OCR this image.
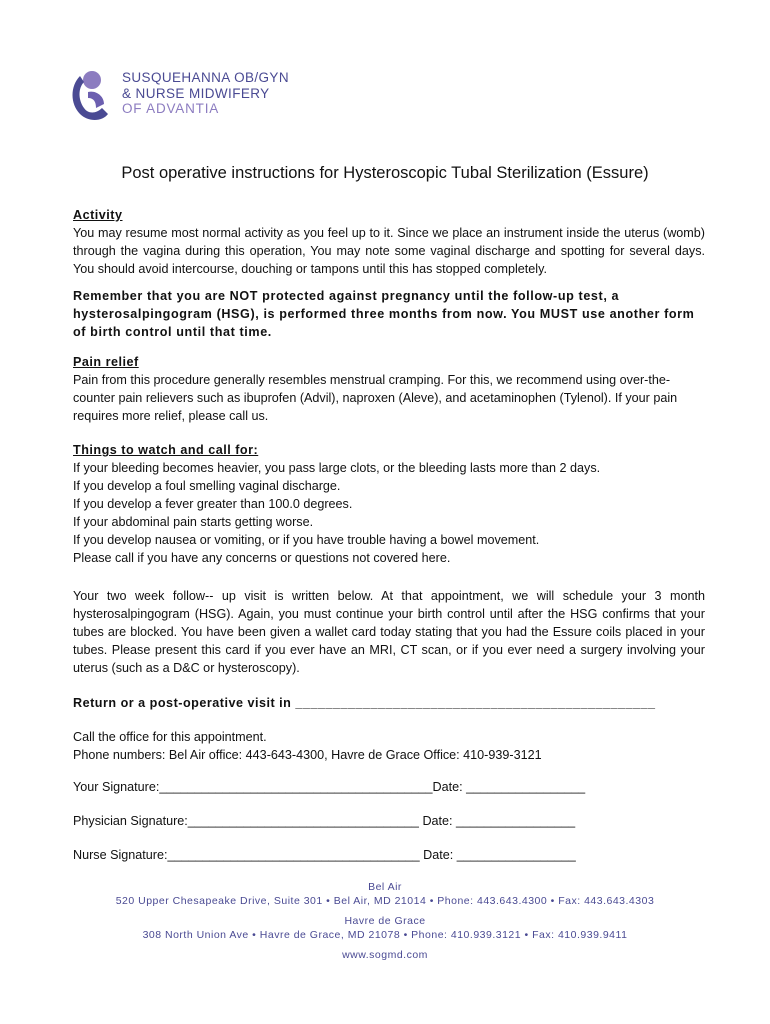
SUSQUEHANNA OB/GYN
& NURSE MIDWIFERY
OF ADVANTIA
Post operative instructions for Hysteroscopic Tubal Sterilization (Essure)

Activity

You may resume most normal activity as you feel up to it. Since we place an instrument inside the uterus (womb) through the vagina during this operation, You may note some vaginal discharge and spotting for several days. You should avoid intercourse, douching or tampons until this has stopped completely.

Remember that you are NOT protected against pregnancy until the follow-up test, a hysterosalpingogram (HSG), is performed three months from now. You MUST use another form of birth control until that time.

Pain relief

Pain from this procedure generally resembles menstrual cramping. For this, we recommend using over-the-counter pain relievers such as ibuprofen (Advil), naproxen (Aleve), and acetaminophen (Tylenol). If your pain requires more relief, please call us.

Things to watch and call for:

If your bleeding becomes heavier, you pass large clots, or the bleeding lasts more than 2 days.

If you develop a foul smelling vaginal discharge.

If you develop a fever greater than 100.0 degrees.

If your abdominal pain starts getting worse.

If you develop nausea or vomiting, or if you have trouble having a bowel movement.

Please call if you have any concerns or questions not covered here.

Your two week follow-- up visit is written below. At that appointment, we will schedule your 3 month hysterosalpingogram (HSG). Again, you must continue your birth control until after the HSG confirms that your tubes are blocked. You have been given a wallet card today stating that you had the Essure coils placed in your tubes. Please present this card if you ever have an MRI, CT scan, or if you ever need a surgery involving your uterus (such as a D&C or hysteroscopy).

Return or a post-operative visit in ________________________________________________

Call the office for this appointment.

Phone numbers: Bel Air office: 443-643-4300, Havre de Grace Office: 410-939-3121

Your Signature:_______________________________________Date: _________________

Physician Signature:_________________________________ Date: _________________

Nurse Signature:____________________________________ Date: _________________

Bel Air
520 Upper Chesapeake Drive, Suite 301 • Bel Air, MD 21014 • Phone: 443.643.4300 • Fax: 443.643.4303
Havre de Grace
308 North Union Ave • Havre de Grace, MD 21078 • Phone: 410.939.3121 • Fax: 410.939.9411
www.sogmd.com
